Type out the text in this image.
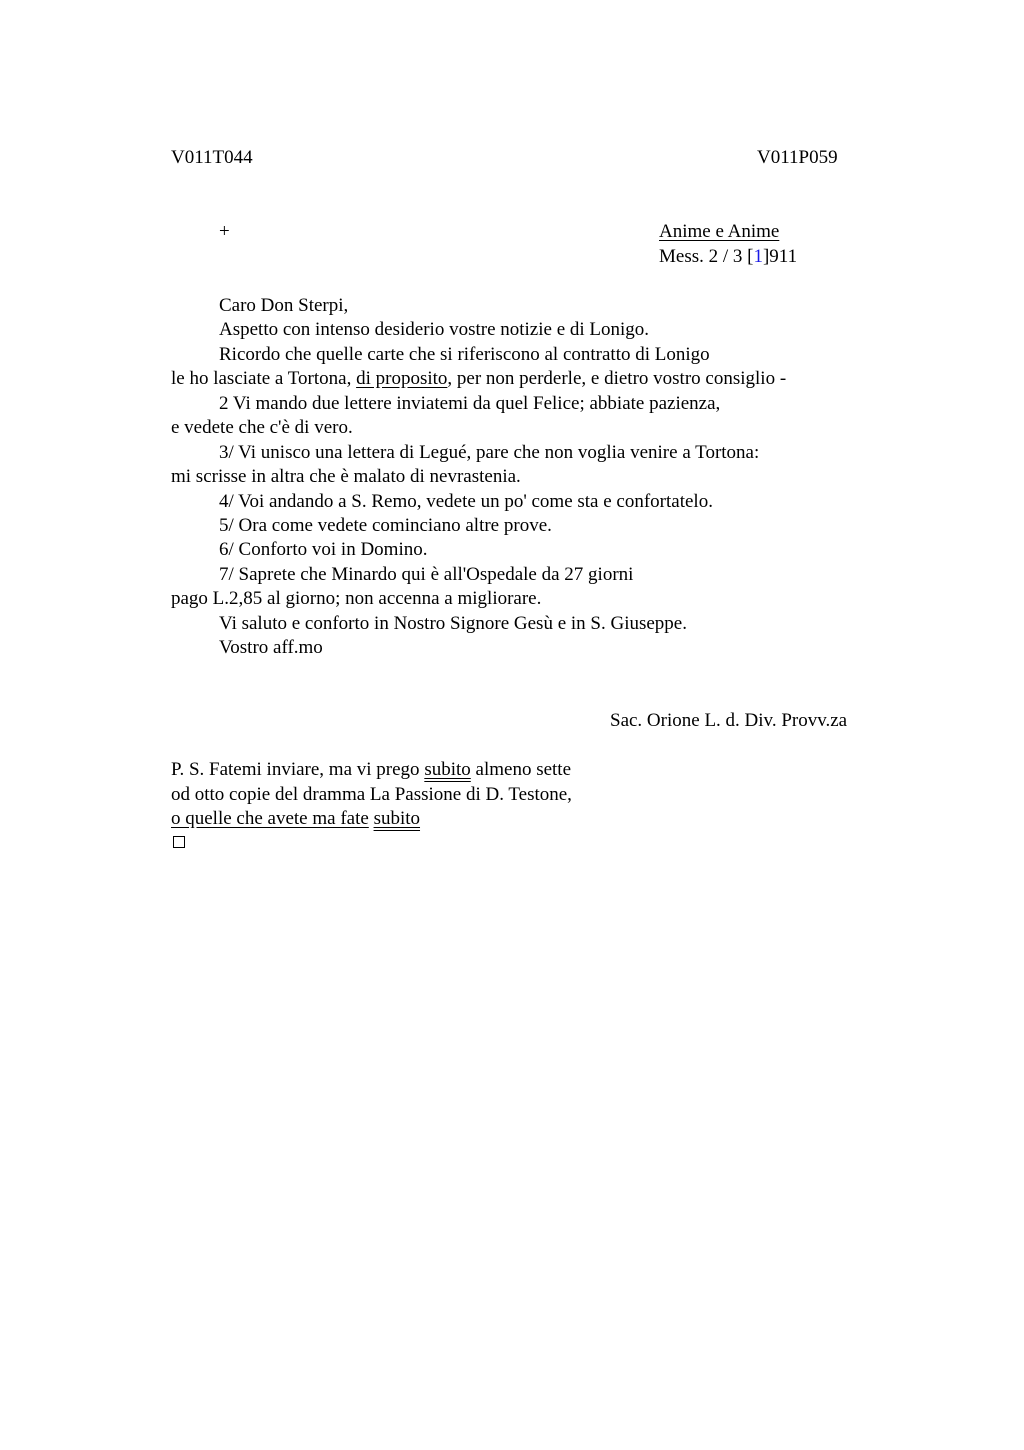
V011T044	V011P059
+	Anime e Anime
Mess. 2 / 3 [1]911
Caro Don Sterpi,
Aspetto con intenso desiderio vostre notizie e di Lonigo.
Ricordo che quelle carte che si riferiscono al contratto di Lonigo
le ho lasciate a Tortona, di proposito, per non perderle, e dietro vostro consiglio -
2 Vi mando due lettere inviatemi da quel Felice; abbiate pazienza,
e vedete che c'è di vero.
3/ Vi unisco una lettera di Legué, pare che non voglia venire a Tortona:
mi scrisse in altra che è malato di nevrastenia.
4/ Voi andando a S. Remo, vedete un po' come sta e confortatelo.
5/ Ora come vedete cominciano altre prove.
6/ Conforto voi in Domino.
7/ Saprete che Minardo qui è all'Ospedale da 27 giorni
pago L.2,85 al giorno; non accenna a migliorare.
Vi saluto e conforto in Nostro Signore Gesù e in S. Giuseppe.
Vostro aff.mo
Sac. Orione L. d. Div. Provv.za
P. S. Fatemi inviare, ma vi prego subito almeno sette
od otto copie del dramma La Passione di D. Testone,
o quelle che avete ma fate subito
